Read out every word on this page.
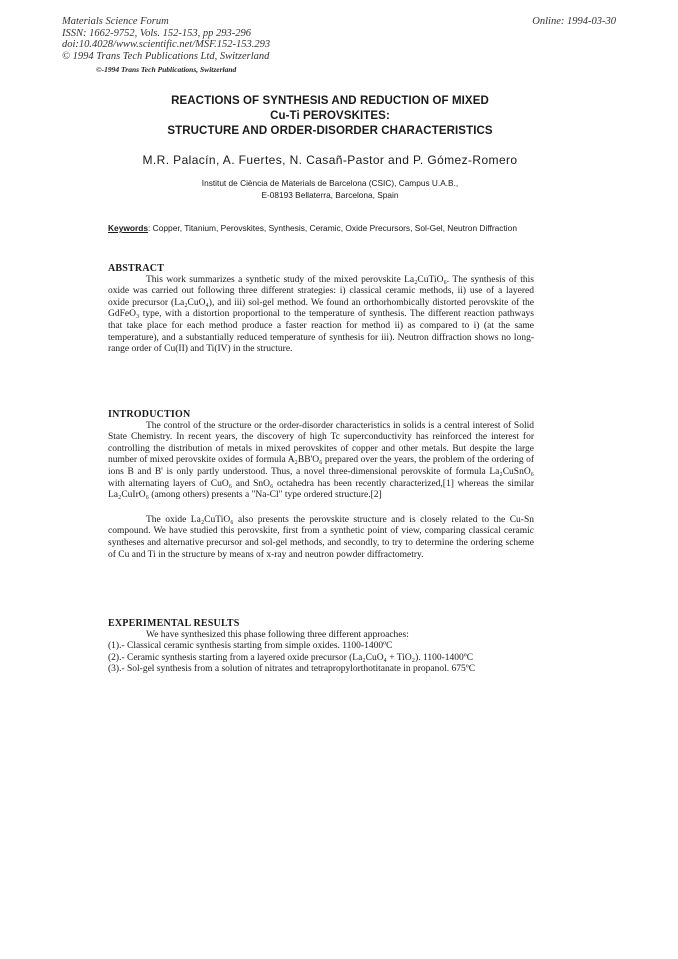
Materials Science Forum
ISSN: 1662-9752, Vols. 152-153, pp 293-296
doi:10.4028/www.scientific.net/MSF.152-153.293
© 1994 Trans Tech Publications Ltd, Switzerland
Online: 1994-03-30
©-1994 Trans Tech Publications, Switzerland
REACTIONS OF SYNTHESIS AND REDUCTION OF MIXED
Cu-Ti PEROVSKITES:
STRUCTURE AND ORDER-DISORDER CHARACTERISTICS
M.R. Palacín, A. Fuertes, N. Casañ-Pastor and P. Gómez-Romero
Institut de Ciència de Materials de Barcelona (CSIC), Campus U.A.B.,
E-08193 Bellaterra, Barcelona, Spain
Keywords: Copper, Titanium, Perovskites, Synthesis, Ceramic, Oxide Precursors, Sol-Gel, Neutron Diffraction
ABSTRACT

This work summarizes a synthetic study of the mixed perovskite La₂CuTiO₆. The synthesis of this oxide was carried out following three different strategies: i) classical ceramic methods, ii) use of a layered oxide precursor (La₂CuO₄), and iii) sol-gel method. We found an orthorhombically distorted perovskite of the GdFeO₃ type, with a distortion proportional to the temperature of synthesis. The different reaction pathways that take place for each method produce a faster reaction for method ii) as compared to i) (at the same temperature), and a substantially reduced temperature of synthesis for iii). Neutron diffraction shows no long-range order of Cu(II) and Ti(IV) in the structure.

INTRODUCTION

The control of the structure or the order-disorder characteristics in solids is a central interest of Solid State Chemistry. In recent years, the discovery of high Tc superconductivity has reinforced the interest for controlling the distribution of metals in mixed perovskites of copper and other metals. But despite the large number of mixed perovskite oxides of formula A₂BB'O₆ prepared over the years, the problem of the ordering of ions B and B' is only partly understood. Thus, a novel three-dimensional perovskite of formula La₂CuSnO₆ with alternating layers of CuO₆ and SnO₆ octahedra has been recently characterized,[1] whereas the similar La₂CuIrO₆ (among others) presents a "Na-Cl" type ordered structure.[2]

The oxide La₂CuTiO₆ also presents the perovskite structure and is closely related to the Cu-Sn compound. We have studied this perovskite, first from a synthetic point of view, comparing classical ceramic syntheses and alternative precursor and sol-gel methods, and secondly, to try to determine the ordering scheme of Cu and Ti in the structure by means of x-ray and neutron powder diffractometry.

EXPERIMENTAL RESULTS

We have synthesized this phase following three different approaches:

(1).- Classical ceramic synthesis starting from simple oxides. 1100-1400ºC
(2).- Ceramic synthesis starting from a layered oxide precursor (La₂CuO₄ + TiO₂). 1100-1400ºC
(3).- Sol-gel synthesis from a solution of nitrates and tetrapropylorthotitanate in propanol. 675ºC
